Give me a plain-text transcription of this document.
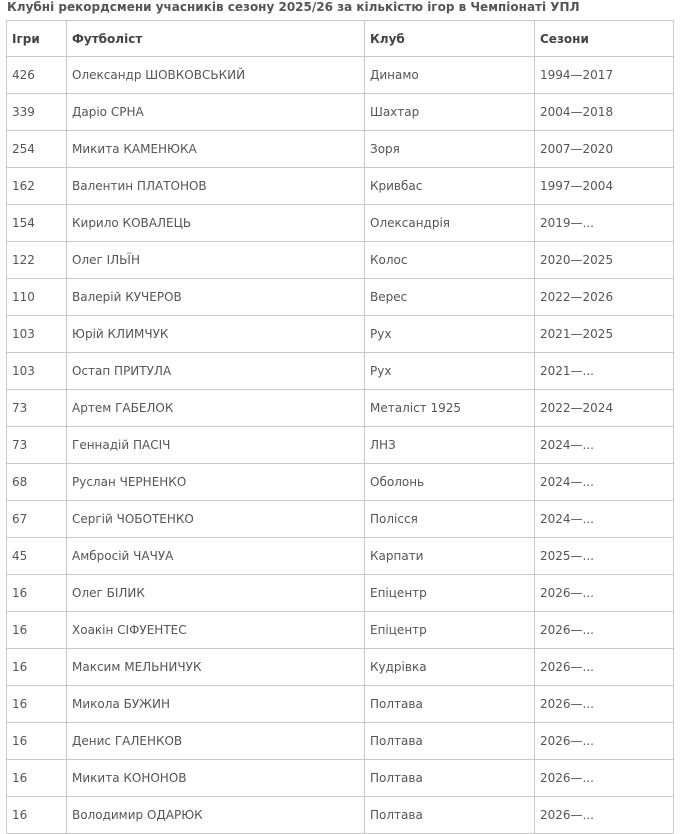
Клубні рекордсмени учасників сезону 2025/26 за кількістю ігор в Чемпіонаті УПЛ
Ігри	Футболіст	Клуб	Сезони
426	Олександр ШОВКОВСЬКИЙ	Динамо	1994—2017
339	Даріо СРНА	Шахтар	2004—2018
254	Микита КАМЕНЮКА	Зоря	2007—2020
162	Валентин ПЛАТОНОВ	Кривбас	1997—2004
154	Кирило КОВАЛЕЦЬ	Олександрія	2019—...
122	Олег ІЛЬЇН	Колос	2020—2025
110	Валерій КУЧЕРОВ	Верес	2022—2026
103	Юрій КЛИМЧУК	Рух	2021—2025
103	Остап ПРИТУЛА	Рух	2021—...
73	Артем ГАБЕЛОК	Металіст 1925	2022—2024
73	Геннадій ПАСІЧ	ЛНЗ	2024—...
68	Руслан ЧЕРНЕНКО	Оболонь	2024—...
67	Сергій ЧОБОТЕНКО	Полісся	2024—...
45	Амбросій ЧАЧУА	Карпати	2025—...
16	Олег БІЛИК	Епіцентр	2026—...
16	Хоакін СІФУЕНТЕС	Епіцентр	2026—...
16	Максим МЕЛЬНИЧУК	Кудрівка	2026—...
16	Микола БУЖИН	Полтава	2026—...
16	Денис ГАЛЕНКОВ	Полтава	2026—...
16	Микита КОНОНОВ	Полтава	2026—...
16	Володимир ОДАРЮК	Полтава	2026—...
